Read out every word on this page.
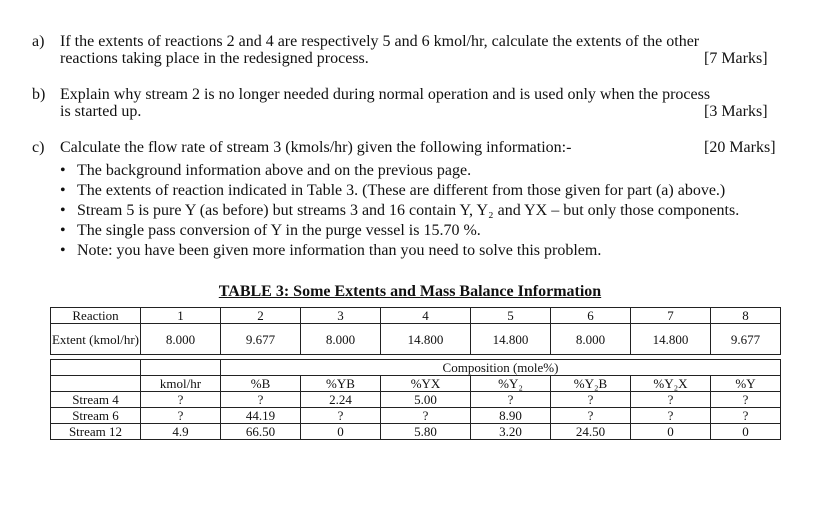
a) If the extents of reactions 2 and 4 are respectively 5 and 6 kmol/hr, calculate the extents of the other
reactions taking place in the redesigned process.	[7 Marks]
b) Explain why stream 2 is no longer needed during normal operation and is used only when the process
is started up.	[3 Marks]
c) Calculate the flow rate of stream 3 (kmols/hr) given the following information:-	[20 Marks]
• The background information above and on the previous page.
• The extents of reaction indicated in Table 3. (These are different from those given for part (a) above.)
• Stream 5 is pure Y (as before) but streams 3 and 16 contain Y, Y₂ and YX – but only those components.
• The single pass conversion of Y in the purge vessel is 15.70 %.
• Note: you have been given more information than you need to solve this problem.
TABLE 3: Some Extents and Mass Balance Information
Reaction	1	2	3	4	5	6	7	8
Extent (kmol/hr)	8.000	9.677	8.000	14.800	14.800	8.000	14.800	9.677

		Composition (mole%)						
	kmol/hr	%B	%YB	%YX	%Y₂	%Y₂B	%Y₂X	%Y
Stream 4	?	?	2.24	5.00	?	?	?	?
Stream 6	?	44.19	?	?	8.90	?	?	?
Stream 12	4.9	66.50	0	5.80	3.20	24.50	0	0
